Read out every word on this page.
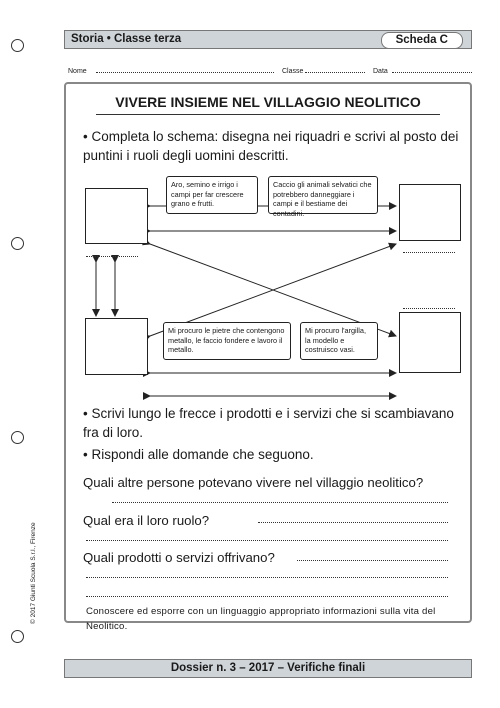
Storia • Classe terza	Scheda C
Nome	Classe	Data
VIVERE INSIEME NEL VILLAGGIO NEOLITICO
• Completa lo schema: disegna nei riquadri e scrivi al posto dei puntini i ruoli degli uomini descritti.
Aro, semino e irrigo i campi per far crescere grano e frutti.
Caccio gli animali selvatici che potrebbero danneggiare i campi e il bestiame dei contadini.
Mi procuro le pietre che contengono metallo, le faccio fondere e lavoro il metallo.
Mi procuro l'argilla, la modello e costruisco vasi.
• Scrivi lungo le frecce i prodotti e i servizi che si scambiavano fra di loro.
• Rispondi alle domande che seguono.
Quali altre persone potevano vivere nel villaggio neolitico?
Qual era il loro ruolo?
Quali prodotti o servizi offrivano?
Conoscere ed esporre con un linguaggio appropriato informazioni sulla vita del Neolitico.
© 2017 Giunti Scuola S.r.l., Firenze
Dossier n. 3 – 2017 – Verifiche finali
